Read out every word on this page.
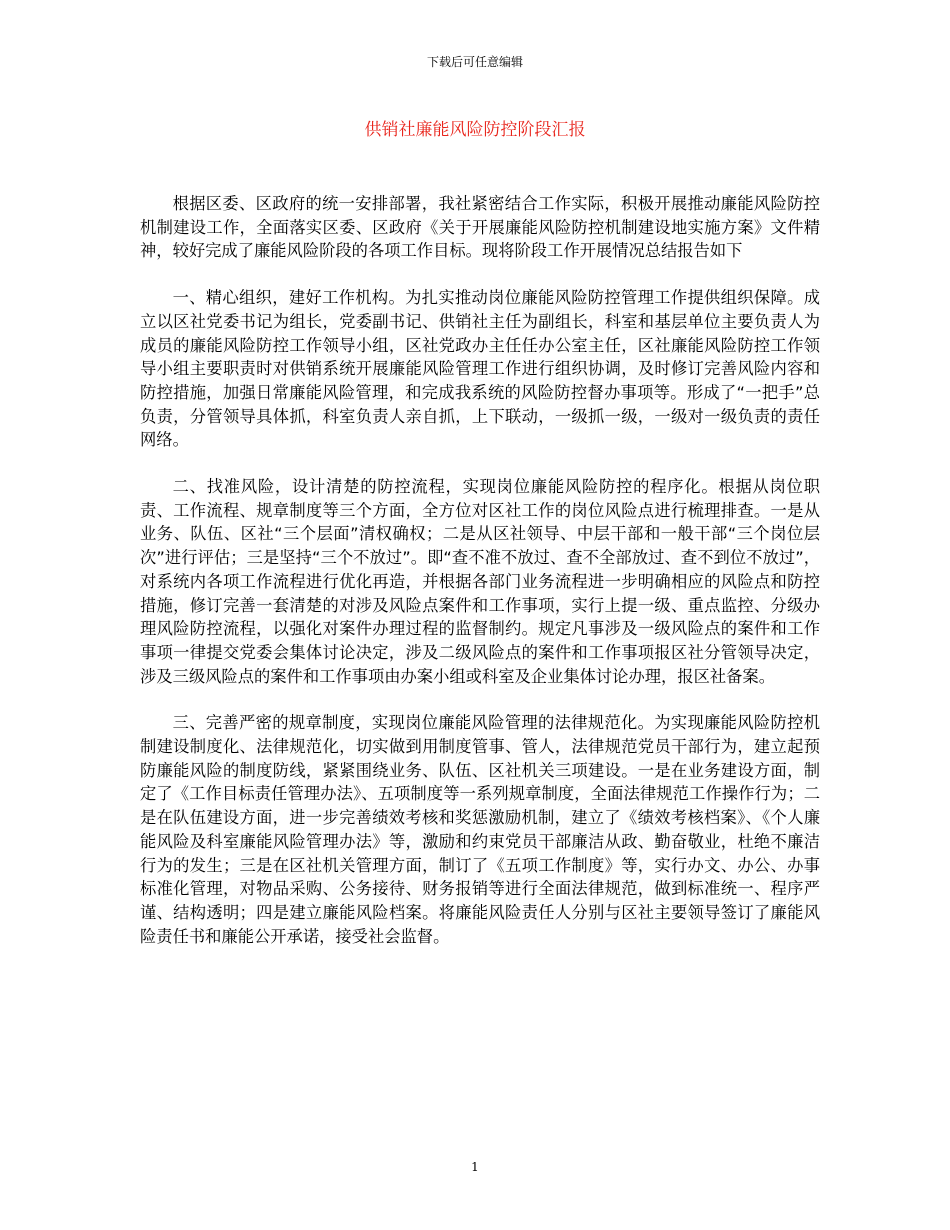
下载后可任意编辑
供销社廉能风险防控阶段汇报

根据区委、区政府的统一安排部署，我社紧密结合工作实际，积极开展推动廉能风险防控机制建设工作，全面落实区委、区政府《关于开展廉能风险防控机制建设地实施方案》文件精神，较好完成了廉能风险阶段的各项工作目标。现将阶段工作开展情况总结报告如下

一、精心组织，建好工作机构。为扎实推动岗位廉能风险防控管理工作提供组织保障。成立以区社党委书记为组长，党委副书记、供销社主任为副组长，科室和基层单位主要负责人为成员的廉能风险防控工作领导小组，区社党政办主任任办公室主任，区社廉能风险防控工作领导小组主要职责时对供销系统开展廉能风险管理工作进行组织协调，及时修订完善风险内容和防控措施，加强日常廉能风险管理，和完成我系统的风险防控督办事项等。形成了“一把手”总负责，分管领导具体抓，科室负责人亲自抓，上下联动，一级抓一级，一级对一级负责的责任网络。

二、找准风险，设计清楚的防控流程，实现岗位廉能风险防控的程序化。根据从岗位职责、工作流程、规章制度等三个方面，全方位对区社工作的岗位风险点进行梳理排查。一是从业务、队伍、区社“三个层面”清权确权；二是从区社领导、中层干部和一般干部“三个岗位层次”进行评估；三是坚持“三个不放过”。即“查不准不放过、查不全部放过、查不到位不放过”，对系统内各项工作流程进行优化再造，并根据各部门业务流程进一步明确相应的风险点和防控措施，修订完善一套清楚的对涉及风险点案件和工作事项，实行上提一级、重点监控、分级办理风险防控流程，以强化对案件办理过程的监督制约。规定凡事涉及一级风险点的案件和工作事项一律提交党委会集体讨论决定，涉及二级风险点的案件和工作事项报区社分管领导决定，涉及三级风险点的案件和工作事项由办案小组或科室及企业集体讨论办理，报区社备案。

三、完善严密的规章制度，实现岗位廉能风险管理的法律规范化。为实现廉能风险防控机制建设制度化、法律规范化，切实做到用制度管事、管人，法律规范党员干部行为，建立起预防廉能风险的制度防线，紧紧围绕业务、队伍、区社机关三项建设。一是在业务建设方面，制定了《工作目标责任管理办法》、五项制度等一系列规章制度，全面法律规范工作操作行为；二是在队伍建设方面，进一步完善绩效考核和奖惩激励机制，建立了《绩效考核档案》、《个人廉能风险及科室廉能风险管理办法》等，激励和约束党员干部廉洁从政、勤奋敬业，杜绝不廉洁行为的发生；三是在区社机关管理方面，制订了《五项工作制度》等，实行办文、办公、办事标准化管理，对物品采购、公务接待、财务报销等进行全面法律规范，做到标准统一、程序严谨、结构透明；四是建立廉能风险档案。将廉能风险责任人分别与区社主要领导签订了廉能风险责任书和廉能公开承诺，接受社会监督。

1
